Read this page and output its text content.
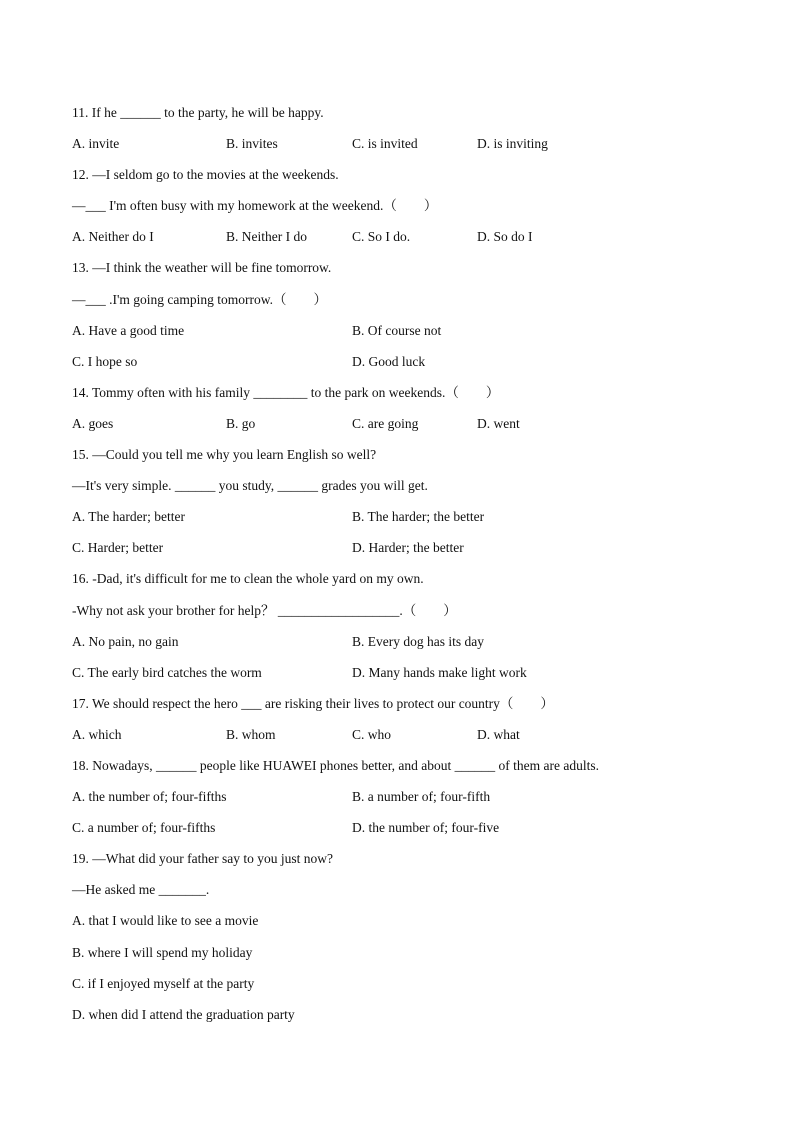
11. If he ______ to the party, he will be happy.

A. invite

	B. invites

	C. is invited

	D. is inviting

12. —I seldom go to the movies at the weekends.
—___ I'm often busy with my homework at the weekend.（　　）

A. Neither do I

	B. Neither I do

	C. So I do.

	D. So do I

13. —I think the weather will be fine tomorrow.
—___ .I'm going camping tomorrow.（　　）

A. Have a good time

	B. Of course not

C. I hope so

	D. Good luck

14. Tommy often with his family ________ to the park on weekends.（　　）

A. goes

	B. go

	C. are going

	D. went

15. —Could you tell me why you learn English so well?
—It's very simple. ______ you study, ______ grades you will get.

A. The harder; better

	B. The harder; the better

C. Harder; better

	D. Harder; the better

16. -Dad, it's difficult for me to clean the whole yard on my own.
-Why not ask your brother for help？ __________________.（　　）

A. No pain, no gain

	B. Every dog has its day

C. The early bird catches the worm

	D. Many hands make light work

17. We should respect the hero ___ are risking their lives to protect our country（　　）

A. which

	B. whom

	C. who

	D. what

18. Nowadays, ______ people like HUAWEI phones better, and about ______ of them are adults.

A. the number of; four-fifths

	B. a number of; four-fifth

C. a number of; four-fifths

	D. the number of; four-five

19. —What did your father say to you just now?
—He asked me _______.
A. that I would like to see a movie
B. where I will spend my holiday
C. if I enjoyed myself at the party
D. when did I attend the graduation party
